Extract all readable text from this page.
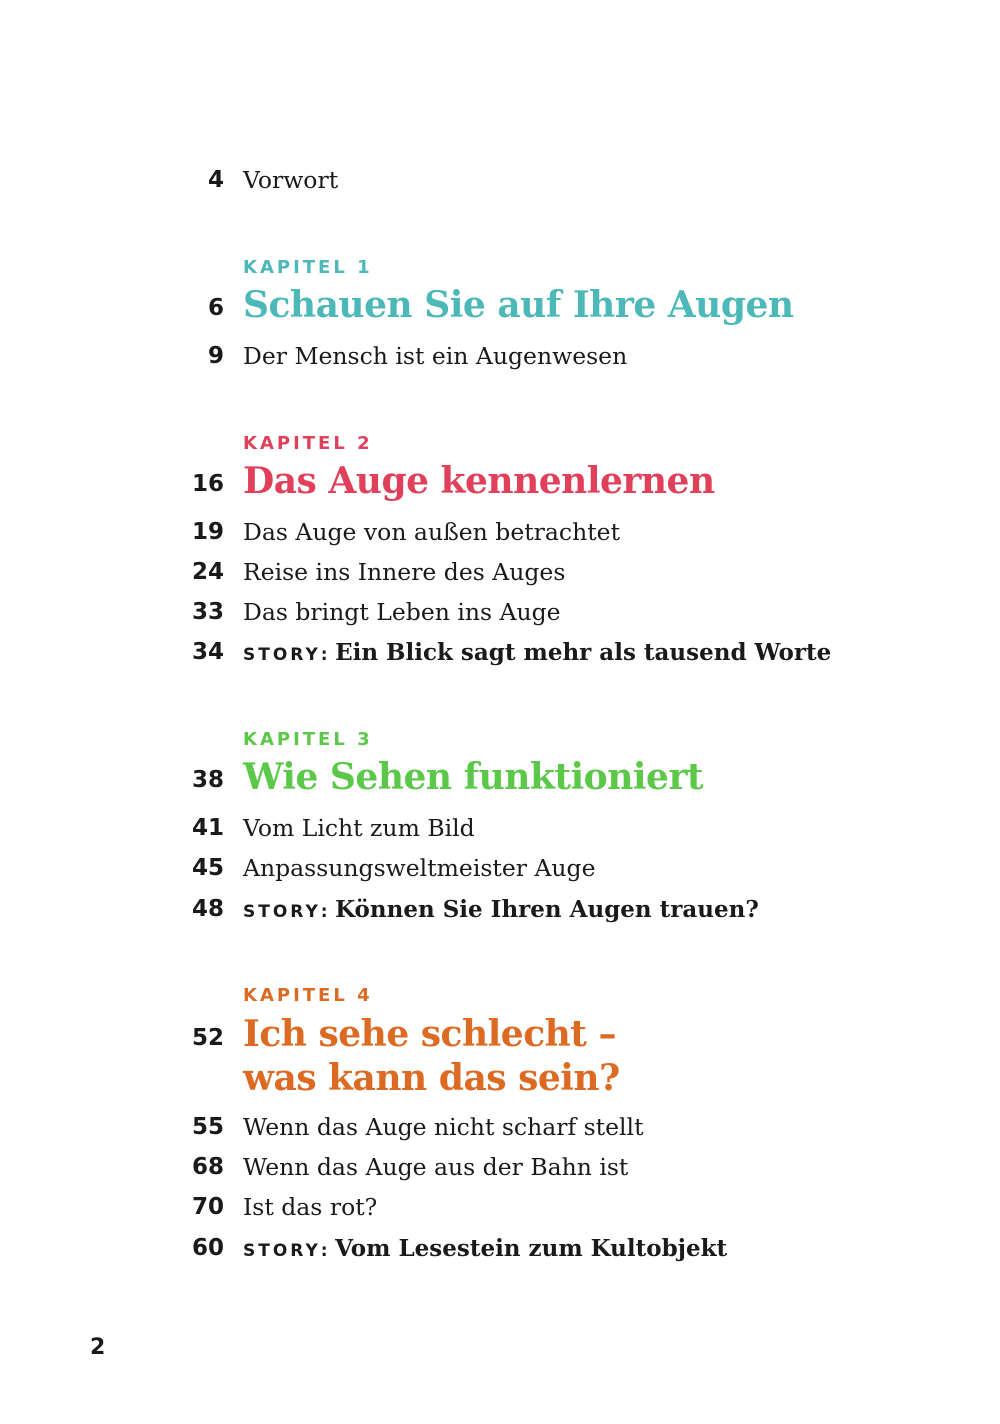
4 Vorwort
KAPITEL 1
6 Schauen Sie auf Ihre Augen
9 Der Mensch ist ein Augenwesen
KAPITEL 2
16 Das Auge kennenlernen
19 Das Auge von außen betrachtet
24 Reise ins Innere des Auges
33 Das bringt Leben ins Auge
34 STORY: Ein Blick sagt mehr als tausend Worte
KAPITEL 3
38 Wie Sehen funktioniert
41 Vom Licht zum Bild
45 Anpassungsweltmeister Auge
48 STORY: Können Sie Ihren Augen trauen?
KAPITEL 4
52 Ich sehe schlecht –
was kann das sein?
55 Wenn das Auge nicht scharf stellt
68 Wenn das Auge aus der Bahn ist
70 Ist das rot?
60 STORY: Vom Lesestein zum Kultobjekt
2
